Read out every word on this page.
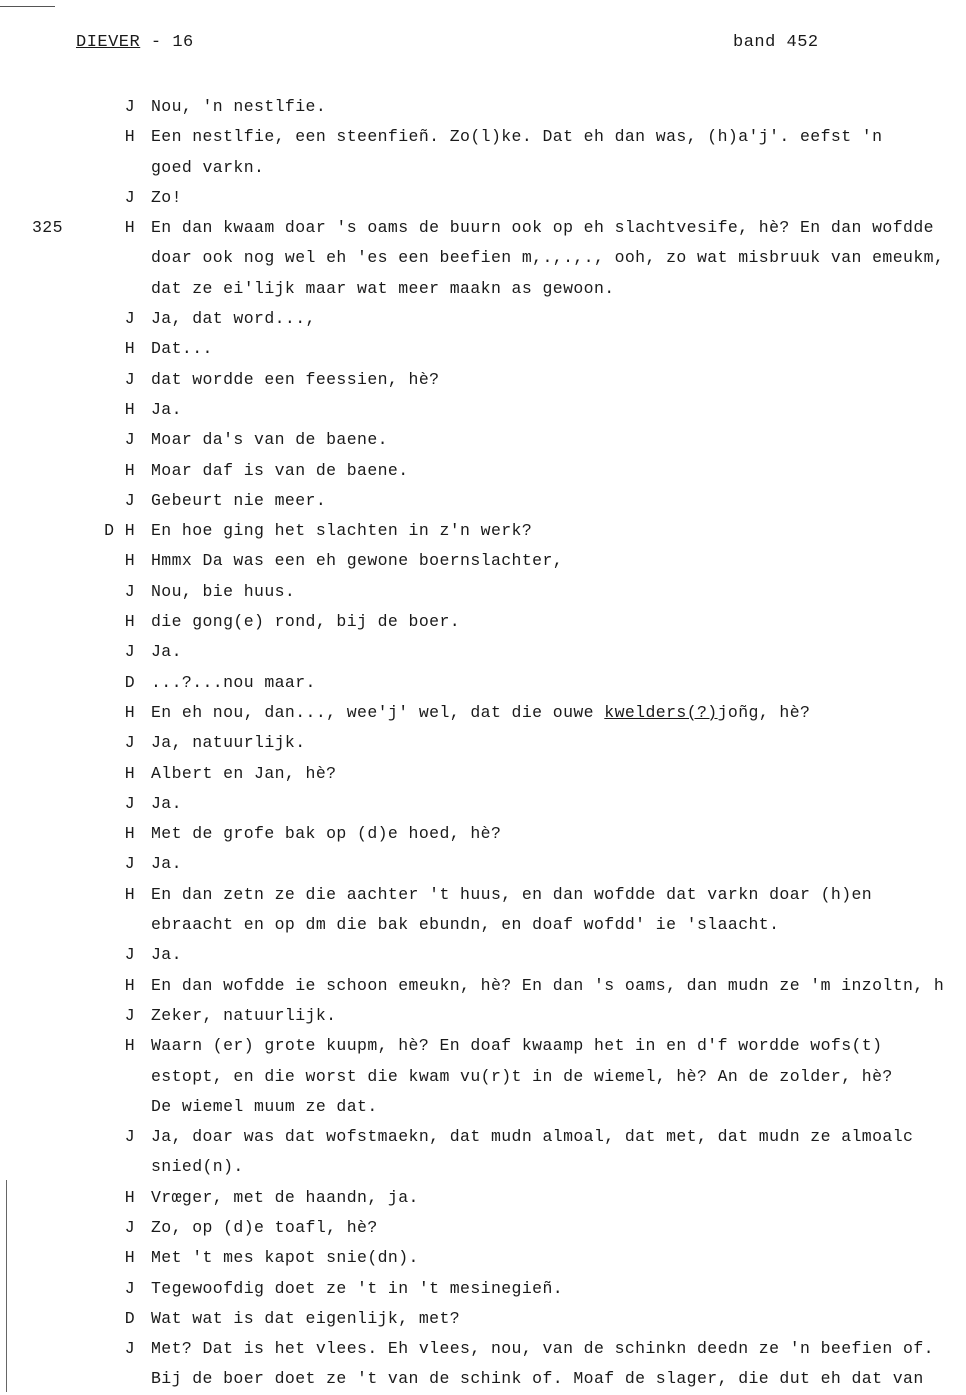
DIEVER - 16	band 452
J Nou, 'n nestlfie.
H Een nestlfie, een steenfieñ. Zo(l)ke. Dat eh dan was, (h)a'j'. eefst 'n
goed varkn.
J Zo!
325	H En dan kwaam doar 's oams de buurn ook op eh slachtvesife, hè? En dan wofdde
doar ook nog wel eh 'es een beefien m,.,.,., ooh, zo wat misbruuk van emeukm,
dat ze ei'lijk maar wat meer maakn as gewoon.
J Ja, dat word...,
H Dat...
J dat wordde een feessien, hè?
H Ja.
J Moar da's van de baene.
H Moar daf is van de baene.
J Gebeurt nie meer.
D H En hoe ging het slachten in z'n werk?
H Hmmx Da was een eh gewone boernslachter,
J Nou, bie huus.
H die gong(e) rond, bij de boer.
J Ja.
D ...?...nou maar.
H En eh nou, dan..., wee'j' wel, dat die ouwe kwelders(?)joñg, hè?
J Ja, natuurlijk.
H Albert en Jan, hè?
J Ja.
H Met de grofe bak op (d)e hoed, hè?
J Ja.
H En dan zetn ze die aachter 't huus, en dan wofdde dat varkn doar (h)en
ebraacht en op dm die bak ebundn, en doaf wofdd' ie 'slaacht.
J Ja.
H En dan wofdde ie schoon emeukn, hè? En dan 's oams, dan mudn ze 'm inzoltn, h
J Zeker, natuurlijk.
H Waarn (er) grote kuupm, hè? En doaf kwaamp het in en d'f wordde wofs(t)
estopt, en die worst die kwam vu(r)t in de wiemel, hè? An de zolder, hè?
De wiemel muum ze dat.
J Ja, doar was dat wofstmaekn, dat mudn almoal, dat met, dat mudn ze almoalc
snied(n).
H Vrœger, met de haandn, ja.
J Zo, op (d)e toafl, hè?
H Met 't mes kapot snie(dn).
J Tegewoofdig doet ze 't in 't mesinegieñ.
D Wat wat is dat eigenlijk, met?
J Met? Dat is het vlees. Eh vlees, nou, van de schinkn deedn ze 'n beefien of.
Bij de boer doet ze 't van de schink of. Moaf de slager, die dut eh dat van
